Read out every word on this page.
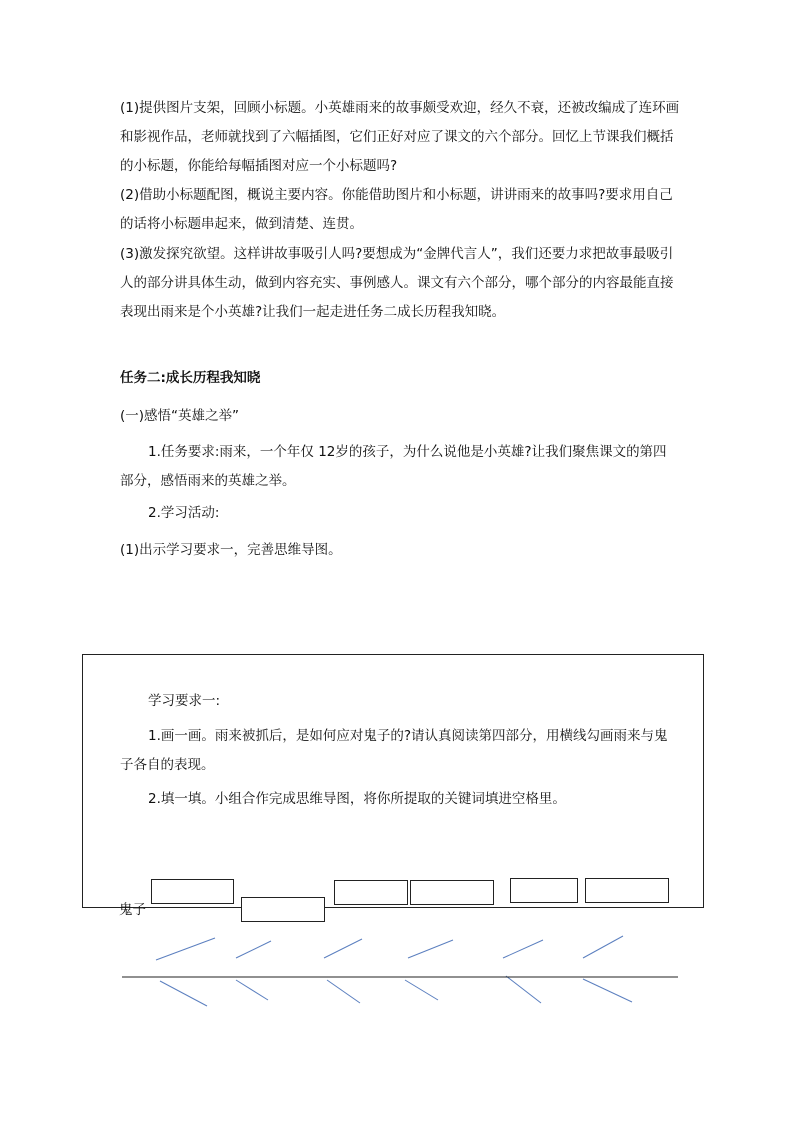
(1)提供图片支架，回顾小标题。小英雄雨来的故事颇受欢迎，经久不衰，还被改编成了连环画和影视作品，老师就找到了六幅插图，它们正好对应了课文的六个部分。回忆上节课我们概括的小标题，你能给每幅插图对应一个小标题吗?
(2)借助小标题配图，概说主要内容。你能借助图片和小标题，讲讲雨来的故事吗?要求用自己的话将小标题串起来，做到清楚、连贯。
(3)激发探究欲望。这样讲故事吸引人吗?要想成为“金牌代言人”，我们还要力求把故事最吸引人的部分讲具体生动，做到内容充实、事例感人。课文有六个部分，哪个部分的内容最能直接表现出雨来是个小英雄?让我们一起走进任务二成长历程我知晓。
任务二:成长历程我知晓
(一)感悟“英雄之举”
1.任务要求:雨来，一个年仅 12岁的孩子，为什么说他是小英雄?让我们聚焦课文的第四部分，感悟雨来的英雄之举。
2.学习活动:
(1)出示学习要求一，完善思维导图。
学习要求一:
1.画一画。雨来被抓后，是如何应对鬼子的?请认真阅读第四部分，用横线勾画雨来与鬼子各自的表现。
2.填一填。小组合作完成思维导图，将你所提取的关键词填进空格里。
鬼子
